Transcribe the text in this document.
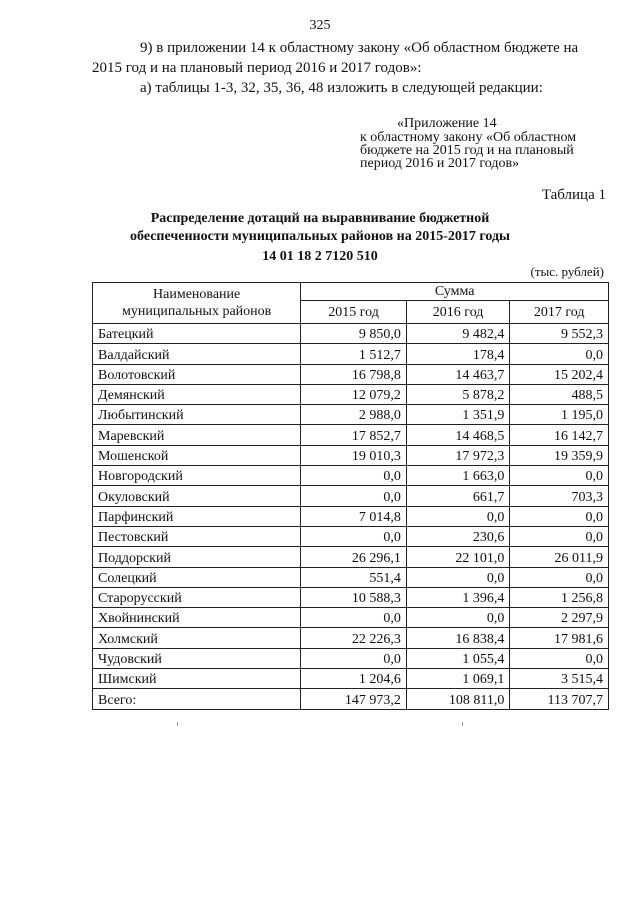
325
9) в приложении 14 к областному закону «Об областном бюджете на
2015 год и на плановый период 2016 и 2017 годов»:
а) таблицы 1-3, 32, 35, 36, 48 изложить в следующей редакции:
«Приложение 14
к областному закону «Об областном
бюджете на 2015 год и на плановый
период 2016 и 2017 годов»
Таблица 1
Распределение дотаций на выравнивание бюджетной
обеспеченности муниципальных районов на 2015-2017 годы
14 01 18 2 7120 510
(тыс. рублей)
Наименование
муниципальных районов	Сумма		
	2015 год	2016 год	2017 год
Батецкий	9 850,0	9 482,4	9 552,3
Валдайский	1 512,7	178,4	0,0
Волотовский	16 798,8	14 463,7	15 202,4
Демянский	12 079,2	5 878,2	488,5
Любытинский	2 988,0	1 351,9	1 195,0
Маревский	17 852,7	14 468,5	16 142,7
Мошенской	19 010,3	17 972,3	19 359,9
Новгородский	0,0	1 663,0	0,0
Окуловский	0,0	661,7	703,3
Парфинский	7 014,8	0,0	0,0
Пестовский	0,0	230,6	0,0
Поддорский	26 296,1	22 101,0	26 011,9
Солецкий	551,4	0,0	0,0
Старорусский	10 588,3	1 396,4	1 256,8
Хвойнинский	0,0	0,0	2 297,9
Холмский	22 226,3	16 838,4	17 981,6
Чудовский	0,0	1 055,4	0,0
Шимский	1 204,6	1 069,1	3 515,4
Всего:	147 973,2	108 811,0	113 707,7
